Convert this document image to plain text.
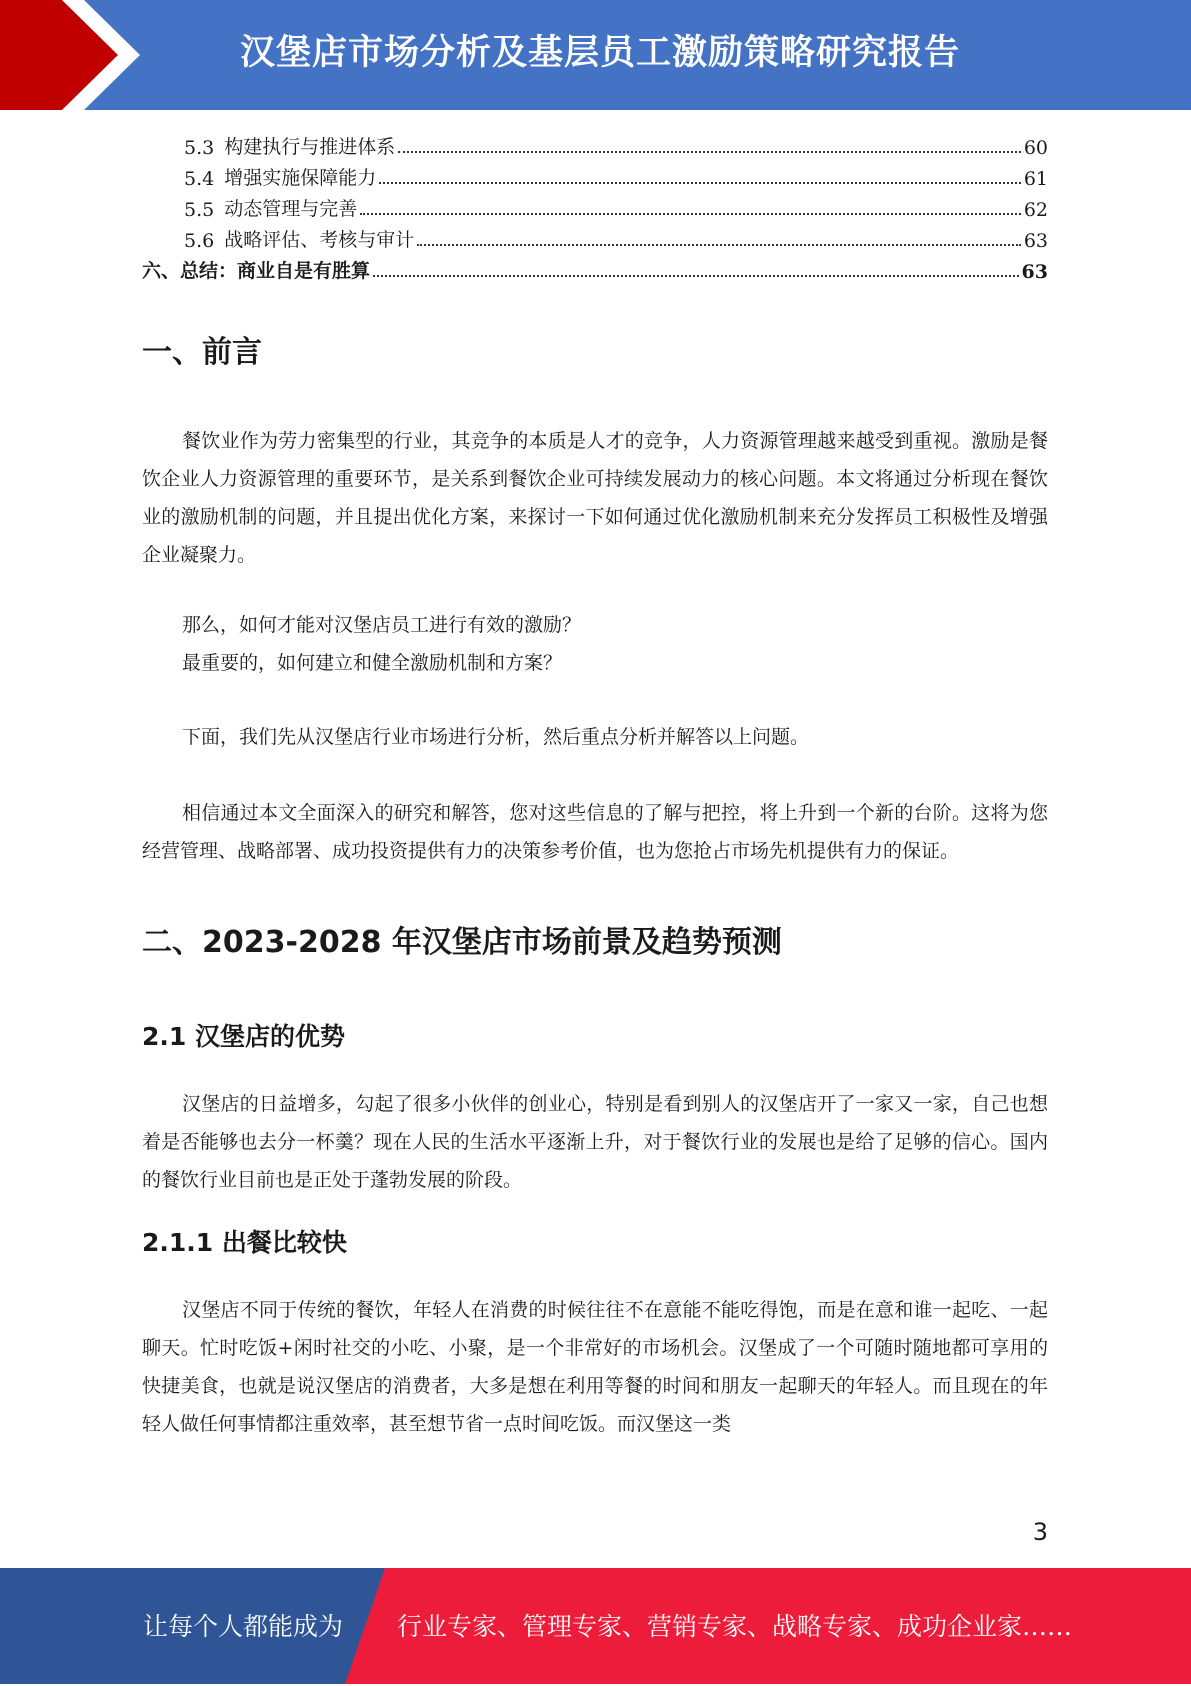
汉堡店市场分析及基层员工激励策略研究报告
5.3 构建执行与推进体系	60
5.4 增强实施保障能力	61
5.5 动态管理与完善	62
5.6 战略评估、考核与审计	63
六、总结：商业自是有胜算	63
一、前言

餐饮业作为劳力密集型的行业，其竞争的本质是人才的竞争，人力资源管理越来越受到重视。激励是餐饮企业人力资源管理的重要环节，是关系到餐饮企业可持续发展动力的核心问题。本文将通过分析现在餐饮业的激励机制的问题，并且提出优化方案，来探讨一下如何通过优化激励机制来充分发挥员工积极性及增强企业凝聚力。

那么，如何才能对汉堡店员工进行有效的激励？

最重要的，如何建立和健全激励机制和方案？

下面，我们先从汉堡店行业市场进行分析，然后重点分析并解答以上问题。

相信通过本文全面深入的研究和解答，您对这些信息的了解与把控，将上升到一个新的台阶。这将为您经营管理、战略部署、成功投资提供有力的决策参考价值，也为您抢占市场先机提供有力的保证。

二、2023-2028 年汉堡店市场前景及趋势预测
2.1 汉堡店的优势

汉堡店的日益增多，勾起了很多小伙伴的创业心，特别是看到别人的汉堡店开了一家又一家，自己也想着是否能够也去分一杯羹？现在人民的生活水平逐渐上升，对于餐饮行业的发展也是给了足够的信心。国内的餐饮行业目前也是正处于蓬勃发展的阶段。

2.1.1 出餐比较快

汉堡店不同于传统的餐饮，年轻人在消费的时候往往不在意能不能吃得饱，而是在意和谁一起吃、一起聊天。忙时吃饭+闲时社交的小吃、小聚，是一个非常好的市场机会。汉堡成了一个可随时随地都可享用的快捷美食，也就是说汉堡店的消费者，大多是想在利用等餐的时间和朋友一起聊天的年轻人。而且现在的年轻人做任何事情都注重效率，甚至想节省一点时间吃饭。而汉堡这一类

3
让每个人都能成为 行业专家、管理专家、营销专家、战略专家、成功企业家……
